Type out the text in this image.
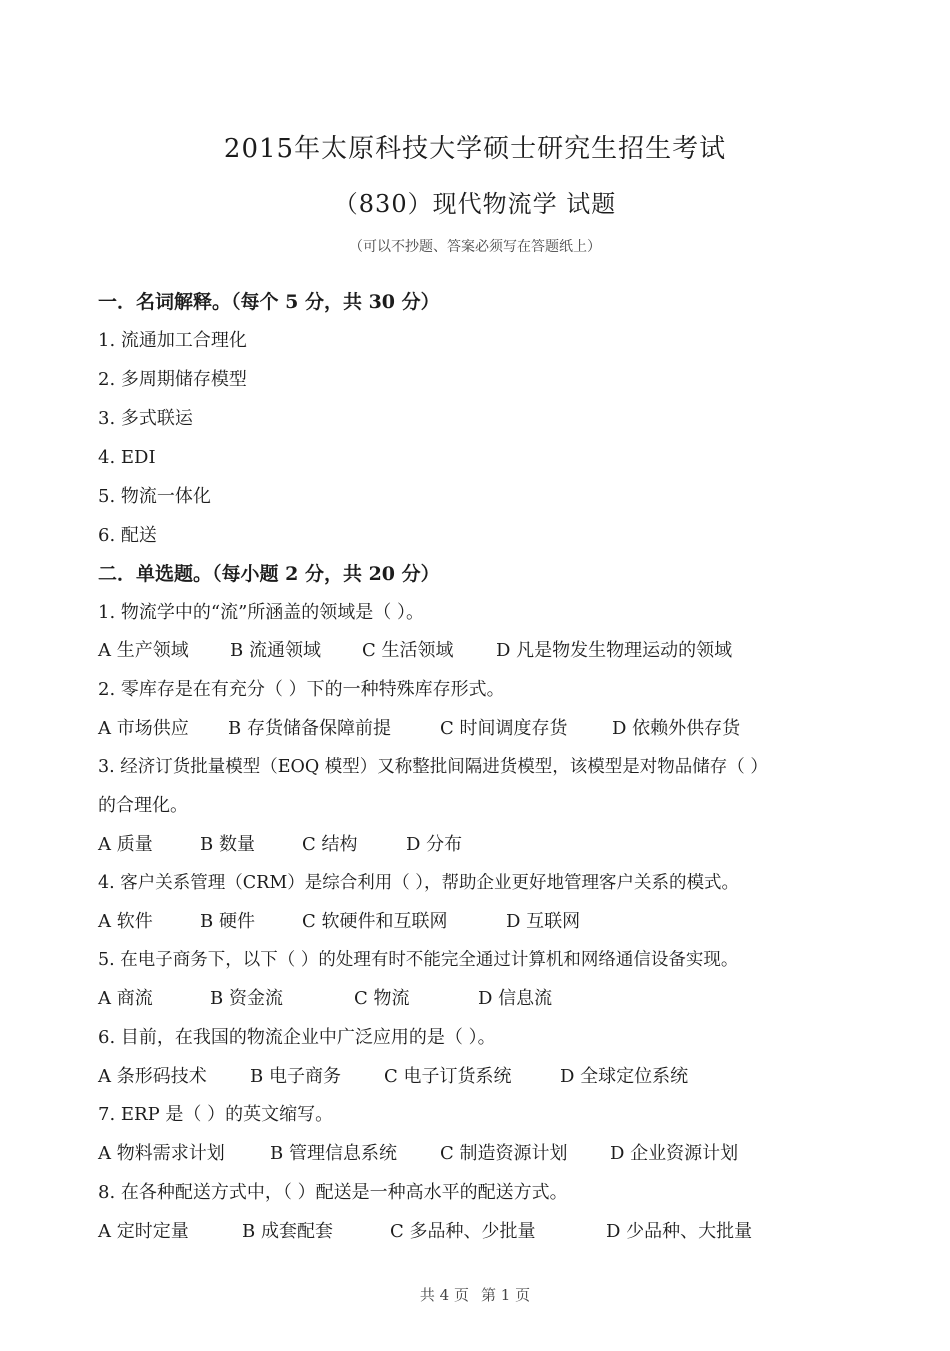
2015年太原科技大学硕士研究生招生考试
（830）现代物流学 试题
（可以不抄题、答案必须写在答题纸上）
一．名词解释。（每个 5 分，共 30 分）
1. 流通加工合理化
2. 多周期储存模型
3. 多式联运
4. EDI
5. 物流一体化
6. 配送
二．单选题。（每小题 2 分，共 20 分）
1. 物流学中的“流”所涵盖的领域是（ ）。
A 生产领域 B 流通领域 C 生活领域 D 凡是物发生物理运动的领域
2. 零库存是在有充分（ ）下的一种特殊库存形式。
A 市场供应 B 存货储备保障前提	C 时间调度存货 D 依赖外供存货
3. 经济订货批量模型（EOQ 模型）又称整批间隔进货模型，该模型是对物品储存（ ）
的合理化。
A 质量	B 数量	C 结构	D 分布
4. 客户关系管理（CRM）是综合利用（ ），帮助企业更好地管理客户关系的模式。
A 软件	B 硬件	C 软硬件和互联网	D 互联网
5. 在电子商务下，以下（ ）的处理有时不能完全通过计算机和网络通信设备实现。
A 商流	B 资金流	C 物流	D 信息流
6. 目前，在我国的物流企业中广泛应用的是（ ）。
A 条形码技术 B 电子商务 C 电子订货系统	D 全球定位系统
7. ERP 是（ ）的英文缩写。
A 物料需求计划	B 管理信息系统 C 制造资源计划 D 企业资源计划
8. 在各种配送方式中，（ ）配送是一种高水平的配送方式。
A 定时定量	B 成套配套	C 多品种、少批量	D 少品种、大批量
共 4 页 第 1 页
